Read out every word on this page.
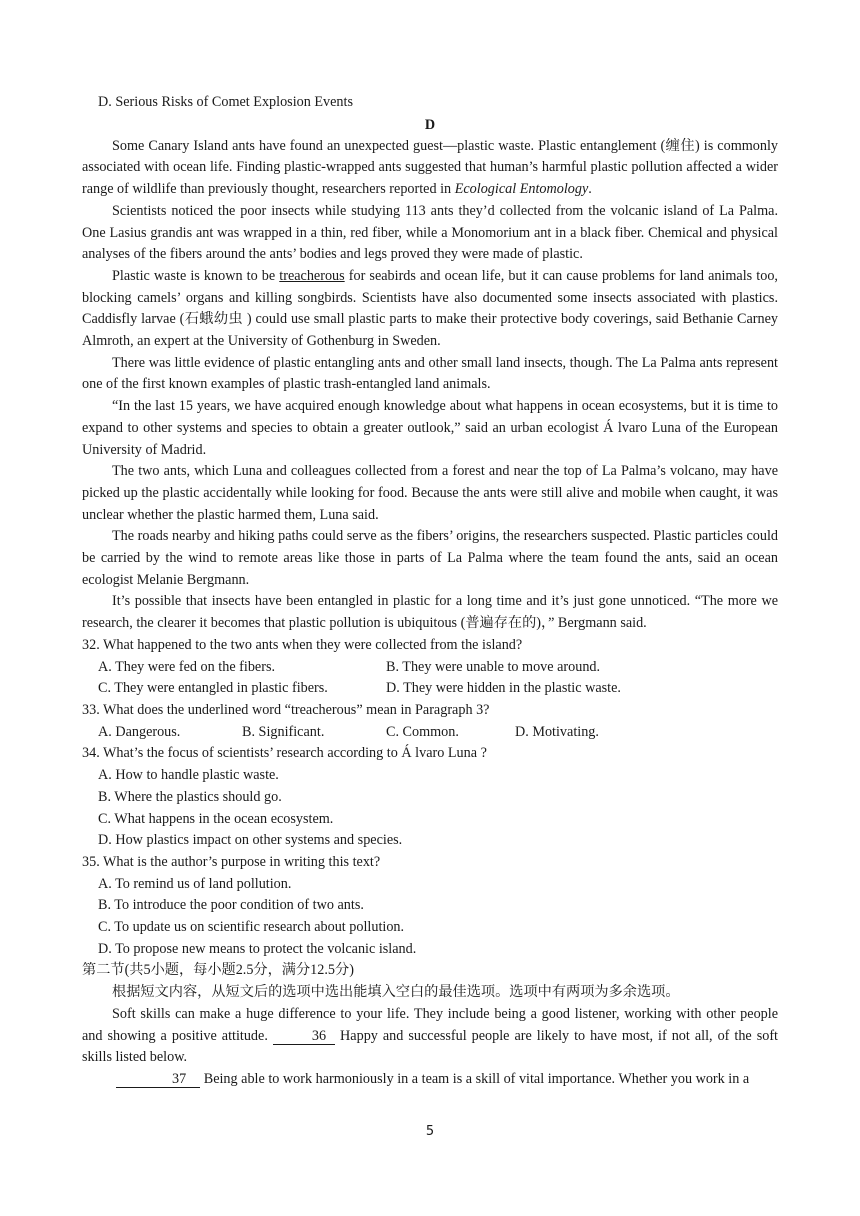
D. Serious Risks of Comet Explosion Events
D

Some Canary Island ants have found an unexpected guest—plastic waste. Plastic entanglement (缠住) is commonly associated with ocean life. Finding plastic-wrapped ants suggested that human’s harmful plastic pollution affected a wider range of wildlife than previously thought, researchers reported in Ecological Entomology.

Scientists noticed the poor insects while studying 113 ants they’d collected from the volcanic island of La Palma. One Lasius grandis ant was wrapped in a thin, red fiber, while a Monomorium ant in a black fiber. Chemical and physical analyses of the fibers around the ants’ bodies and legs proved they were made of plastic.

Plastic waste is known to be treacherous for seabirds and ocean life, but it can cause problems for land animals too, blocking camels’ organs and killing songbirds. Scientists have also documented some insects associated with plastics. Caddisfly larvae (石蛾幼虫 ) could use small plastic parts to make their protective body coverings, said Bethanie Carney Almroth, an expert at the University of Gothenburg in Sweden.

There was little evidence of plastic entangling ants and other small land insects, though. The La Palma ants represent one of the first known examples of plastic trash-entangled land animals.

“In the last 15 years, we have acquired enough knowledge about what happens in ocean ecosystems, but it is time to expand to other systems and species to obtain a greater outlook,” said an urban ecologist Á lvaro Luna of the European University of Madrid.

The two ants, which Luna and colleagues collected from a forest and near the top of La Palma’s volcano, may have picked up the plastic accidentally while looking for food. Because the ants were still alive and mobile when caught, it was unclear whether the plastic harmed them, Luna said.

The roads nearby and hiking paths could serve as the fibers’ origins, the researchers suspected. Plastic particles could be carried by the wind to remote areas like those in parts of La Palma where the team found the ants, said an ocean ecologist Melanie Bergmann.

It’s possible that insects have been entangled in plastic for a long time and it’s just gone unnoticed. “The more we research, the clearer it becomes that plastic pollution is ubiquitous (普遍存在的)，” Bergmann said.

32. What happened to the two ants when they were collected from the island?
A. They were fed on the fibers.	B. They were unable to move around.
C. They were entangled in plastic fibers.	D. They were hidden in the plastic waste.
33. What does the underlined word “treacherous” mean in Paragraph 3?
A. Dangerous.	B. Significant.	C. Common.	D. Motivating.
34. What’s the focus of scientists’ research according to Á lvaro Luna ?
A. How to handle plastic waste.
B. Where the plastics should go.
C. What happens in the ocean ecosystem.
D. How plastics impact on other systems and species.
35. What is the author’s purpose in writing this text?
A. To remind us of land pollution.
B. To introduce the poor condition of two ants.
C. To update us on scientific research about pollution.
D. To propose new means to protect the volcanic island.
第二节(共5小题，每小题2.5分，满分12.5分)
根据短文内容，从短文后的选项中选出能填入空白的最佳选项。选项中有两项为多余选项。

Soft skills can make a huge difference to your life. They include being a good listener, working with other people and showing a positive attitude.	36 Happy and successful people are likely to have most, if not all, of the soft skills listed below.

37 Being able to work harmoniously in a team is a skill of vital importance. Whether you work in a

5
